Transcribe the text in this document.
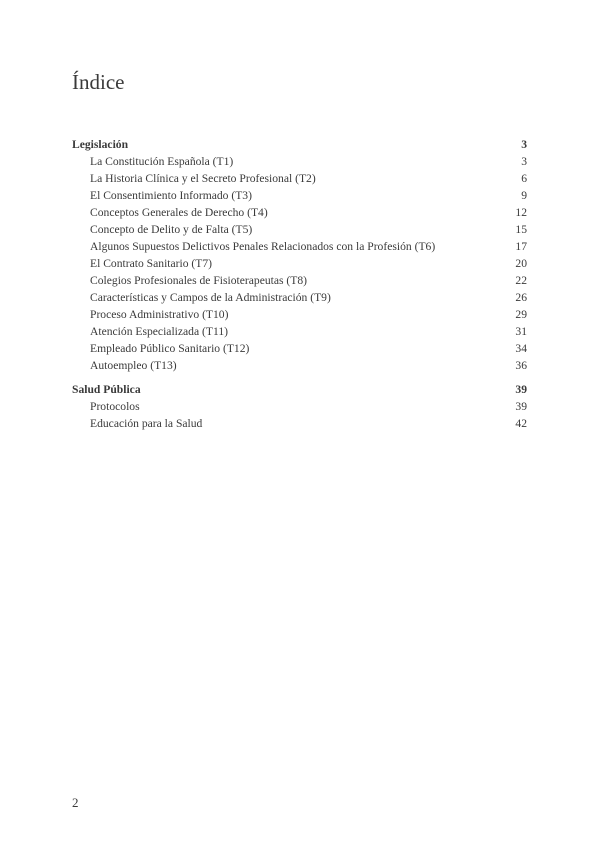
Índice
Legislación	3
La Constitución Española (T1)	3
La Historia Clínica y el Secreto Profesional (T2)	6
El Consentimiento Informado (T3)	9
Conceptos Generales de Derecho (T4)	12
Concepto de Delito y de Falta (T5)	15
Algunos Supuestos Delictivos Penales Relacionados con la Profesión (T6)	17
El Contrato Sanitario (T7)	20
Colegios Profesionales de Fisioterapeutas (T8)	22
Características y Campos de la Administración (T9)	26
Proceso Administrativo (T10)	29
Atención Especializada (T11)	31
Empleado Público Sanitario (T12)	34
Autoempleo (T13)	36
Salud Pública	39
Protocolos	39
Educación para la Salud	42
2
